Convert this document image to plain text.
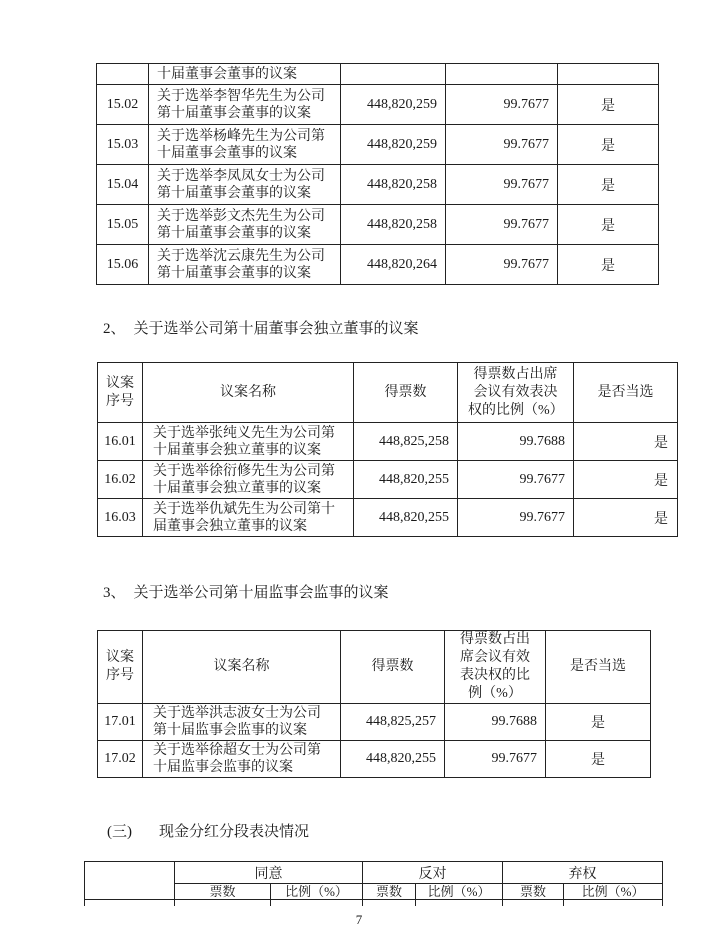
	十届董事会董事的议案			
15.02	关于选举李智华先生为公司第十届董事会董事的议案	448,820,259	99.7677	是
15.03	关于选举杨峰先生为公司第十届董事会董事的议案	448,820,259	99.7677	是
15.04	关于选举李凤凤女士为公司第十届董事会董事的议案	448,820,258	99.7677	是
15.05	关于选举彭文杰先生为公司第十届董事会董事的议案	448,820,258	99.7677	是
15.06	关于选举沈云康先生为公司第十届董事会董事的议案	448,820,264	99.7677	是
2、 关于选举公司第十届董事会独立董事的议案
议案序号	议案名称	得票数	得票数占出席会议有效表决权的比例（%）	是否当选
16.01	关于选举张纯义先生为公司第十届董事会独立董事的议案	448,825,258	99.7688	是
16.02	关于选举徐衍修先生为公司第十届董事会独立董事的议案	448,820,255	99.7677	是
16.03	关于选举仇斌先生为公司第十届董事会独立董事的议案	448,820,255	99.7677	是
3、 关于选举公司第十届监事会监事的议案
议案序号	议案名称	得票数	得票数占出席会议有效表决权的比例（%）	是否当选
17.01	关于选举洪志波女士为公司第十届监事会监事的议案	448,825,257	99.7688	是
17.02	关于选举徐超女士为公司第十届监事会监事的议案	448,820,255	99.7677	是
(三) 现金分红分段表决情况
	同意		反对		弃权	
	票数	比例（%）	票数	比例（%）	票数	比例（%）

7
